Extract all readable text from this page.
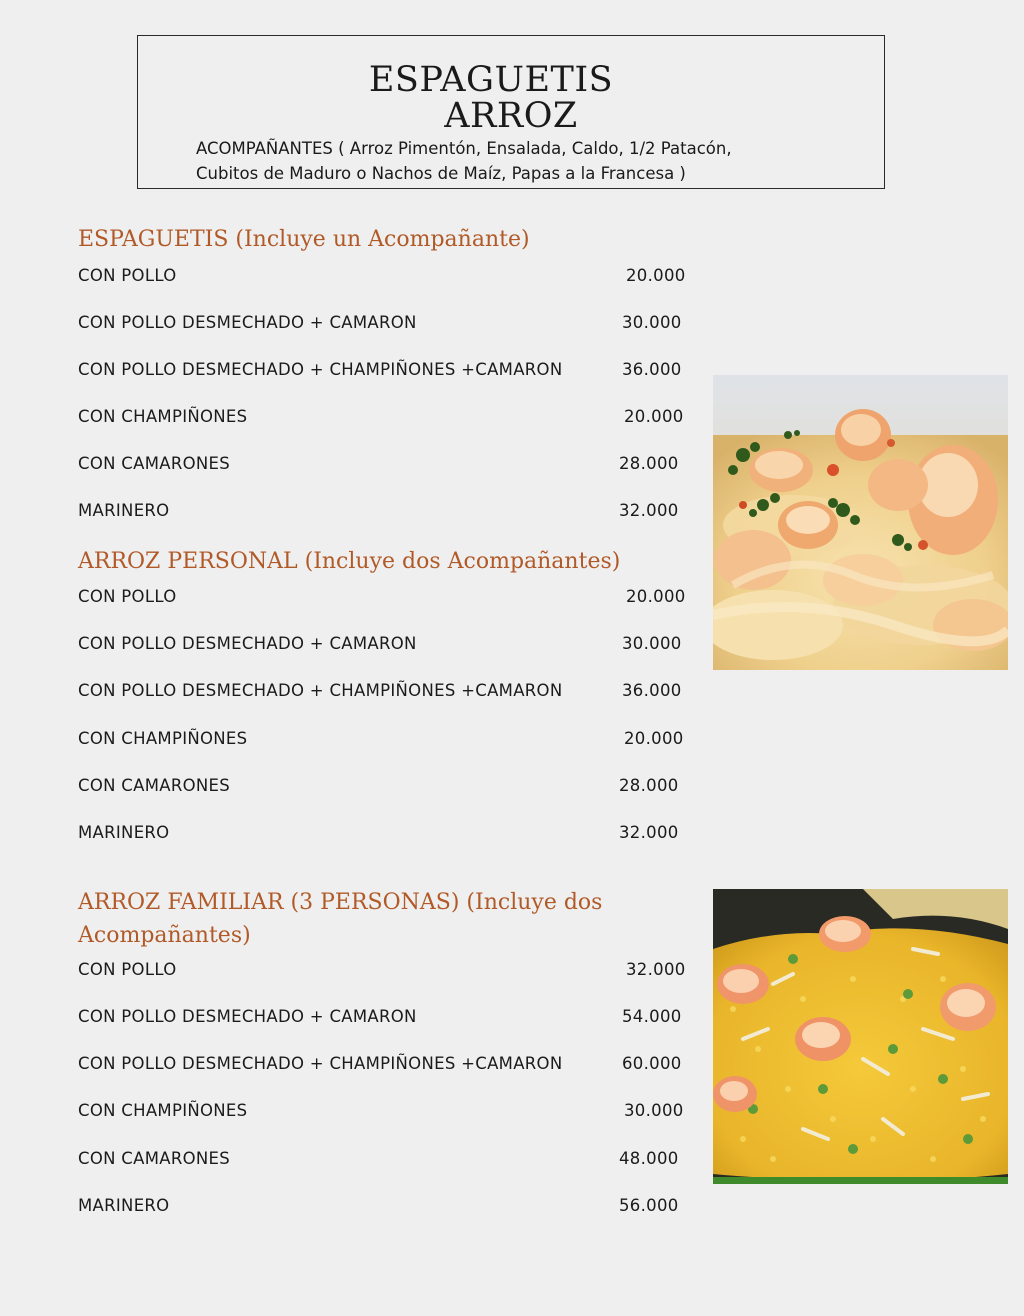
ESPAGUETIS
ARROZ
ACOMPAÑANTES ( Arroz Pimentón, Ensalada, Caldo, 1/2 Patacón,
Cubitos de Maduro o Nachos de Maíz, Papas a la Francesa )
ESPAGUETIS (Incluye un Acompañante)
CON POLLO	20.000
CON POLLO DESMECHADO + CAMARON	30.000
CON POLLO DESMECHADO + CHAMPIÑONES +CAMARON	36.000
CON CHAMPIÑONES	20.000
CON CAMARONES	28.000
MARINERO	32.000
ARROZ PERSONAL (Incluye dos Acompañantes)
CON POLLO	20.000
CON POLLO DESMECHADO + CAMARON	30.000
CON POLLO DESMECHADO + CHAMPIÑONES +CAMARON	36.000
CON CHAMPIÑONES	20.000
CON CAMARONES	28.000
MARINERO	32.000
ARROZ FAMILIAR (3 PERSONAS) (Incluye dos
Acompañantes)
CON POLLO	32.000
CON POLLO DESMECHADO + CAMARON	54.000
CON POLLO DESMECHADO + CHAMPIÑONES +CAMARON	60.000
CON CHAMPIÑONES	30.000
CON CAMARONES	48.000
MARINERO	56.000
